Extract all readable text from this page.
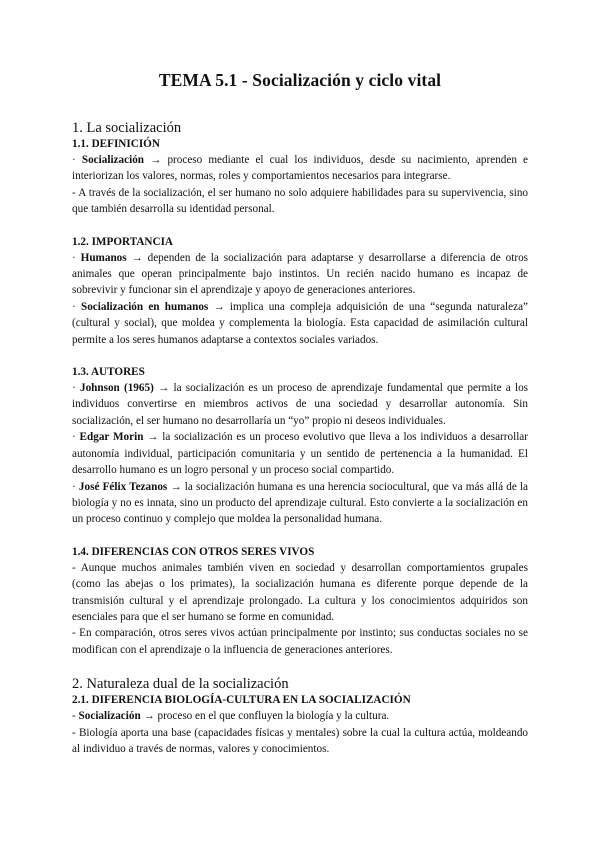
TEMA 5.1 - Socialización y ciclo vital
1. La socialización
1.1. DEFINICIÓN

· Socialización → proceso mediante el cual los individuos, desde su nacimiento, aprenden e interiorizan los valores, normas, roles y comportamientos necesarios para integrarse.

- A través de la socialización, el ser humano no solo adquiere habilidades para su supervivencia, sino que también desarrolla su identidad personal.

1.2. IMPORTANCIA

· Humanos → dependen de la socialización para adaptarse y desarrollarse a diferencia de otros animales que operan principalmente bajo instintos. Un recién nacido humano es incapaz de sobrevivir y funcionar sin el aprendizaje y apoyo de generaciones anteriores.

· Socialización en humanos → implica una compleja adquisición de una “segunda naturaleza” (cultural y social), que moldea y complementa la biología. Esta capacidad de asimilación cultural permite a los seres humanos adaptarse a contextos sociales variados.

1.3. AUTORES

· Johnson (1965) → la socialización es un proceso de aprendizaje fundamental que permite a los individuos convertirse en miembros activos de una sociedad y desarrollar autonomía. Sin socialización, el ser humano no desarrollaría un “yo” propio ni deseos individuales.

· Edgar Morin → la socialización es un proceso evolutivo que lleva a los individuos a desarrollar autonomía individual, participación comunitaria y un sentido de pertenencia a la humanidad. El desarrollo humano es un logro personal y un proceso social compartido.

· José Félix Tezanos → la socialización humana es una herencia sociocultural, que va más allá de la biología y no es innata, sino un producto del aprendizaje cultural. Esto convierte a la socialización en un proceso continuo y complejo que moldea la personalidad humana.

1.4. DIFERENCIAS CON OTROS SERES VIVOS

- Aunque muchos animales también viven en sociedad y desarrollan comportamientos grupales (como las abejas o los primates), la socialización humana es diferente porque depende de la transmisión cultural y el aprendizaje prolongado. La cultura y los conocimientos adquiridos son esenciales para que el ser humano se forme en comunidad.

- En comparación, otros seres vivos actúan principalmente por instinto; sus conductas sociales no se modifican con el aprendizaje o la influencia de generaciones anteriores.

2. Naturaleza dual de la socialización
2.1. DIFERENCIA BIOLOGÍA-CULTURA EN LA SOCIALIZACIÓN

- Socialización → proceso en el que confluyen la biología y la cultura.

- Biología aporta una base (capacidades físicas y mentales) sobre la cual la cultura actúa, moldeando al individuo a través de normas, valores y conocimientos.
